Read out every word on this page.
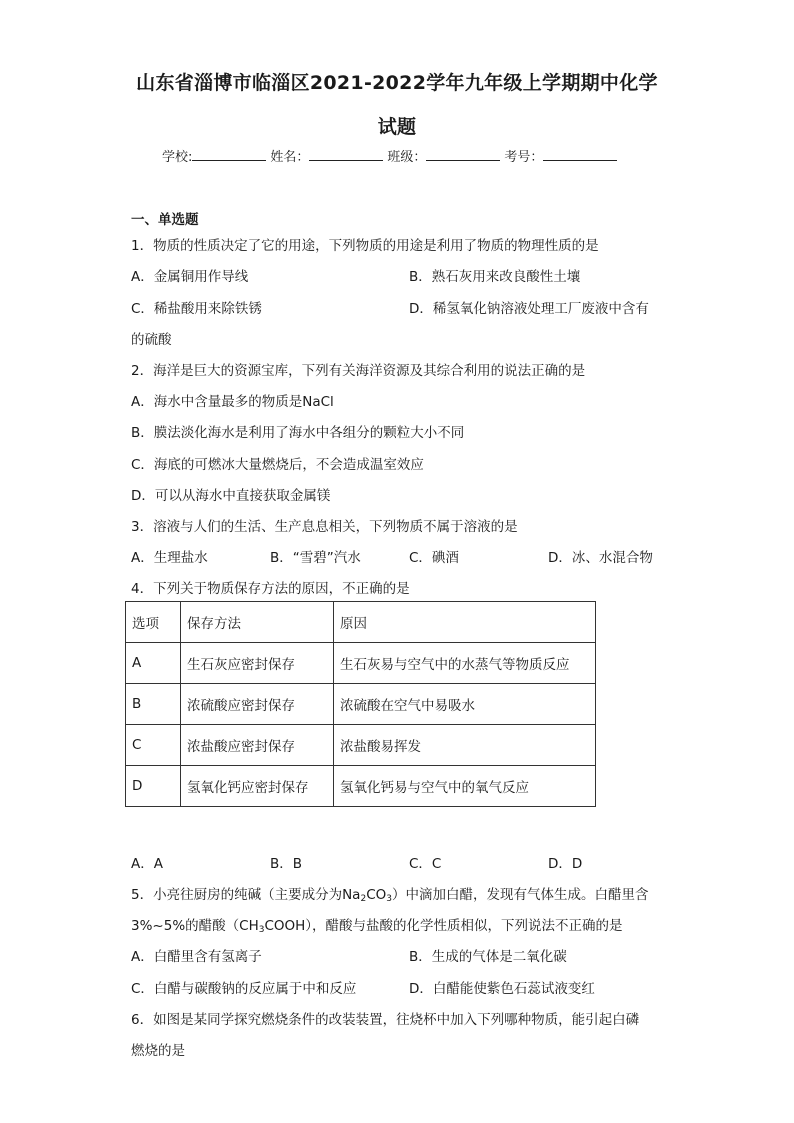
山东省淄博市临淄区2021-2022学年九年级上学期期中化学
试题
学校:	姓名：	班级：	考号：
一、单选题
1．物质的性质决定了它的用途，下列物质的用途是利用了物质的物理性质的是
A．金属铜用作导线	B．熟石灰用来改良酸性土壤
C．稀盐酸用来除铁锈	D．稀氢氧化钠溶液处理工厂废液中含有
的硫酸
2．海洋是巨大的资源宝库，下列有关海洋资源及其综合利用的说法正确的是
A．海水中含量最多的物质是NaCl
B．膜法淡化海水是利用了海水中各组分的颗粒大小不同
C．海底的可燃冰大量燃烧后，不会造成温室效应
D．可以从海水中直接获取金属镁
3．溶液与人们的生活、生产息息相关，下列物质不属于溶液的是
A．生理盐水	B．“雪碧”汽水	C．碘酒	D．冰、水混合物
4．下列关于物质保存方法的原因，不正确的是
选项	保存方法	原因
A	生石灰应密封保存	生石灰易与空气中的水蒸气等物质反应
B	浓硫酸应密封保存	浓硫酸在空气中易吸水
C	浓盐酸应密封保存	浓盐酸易挥发
D	氢氧化钙应密封保存	氢氧化钙易与空气中的氧气反应
A．A	B．B	C．C	D．D
5．小亮往厨房的纯碱（主要成分为$Na_2CO_3$）中滴加白醋，发现有气体生成。白醋里含
3%~5%的醋酸$(CH_3COOH)$，醋酸与盐酸的化学性质相似，下列说法不正确的是
A．白醋里含有氢离子	B．生成的气体是二氧化碳
C．白醋与碳酸钠的反应属于中和反应	D．白醋能使紫色石蕊试液变红
6．如图是某同学探究燃烧条件的改装装置，往烧杯中加入下列哪种物质，能引起白磷
燃烧的是
